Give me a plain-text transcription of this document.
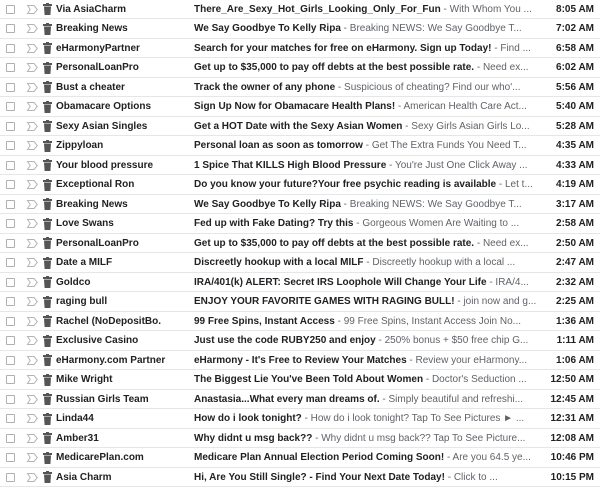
Via AsiaCharm	There_Are_Sexy_Hot_Girls_Looking_Only_For_Fun - With Whom You ...	8:05 AM
Breaking News	We Say Goodbye To Kelly Ripa - Breaking NEWS: We Say Goodbye T...	7:02 AM
eHarmonyPartner	Search for your matches for free on eHarmony. Sign up Today! - Find ...	6:58 AM
PersonalLoanPro	Get up to $35,000 to pay off debts at the best possible rate. - Need ex...	6:02 AM
Bust a cheater	Track the owner of any phone - Suspicious of cheating? Find our who'...	5:56 AM
Obamacare Options	Sign Up Now for Obamacare Health Plans! - American Health Care Act...	5:40 AM
Sexy Asian Singles	Get a HOT Date with the Sexy Asian Women - Sexy Girls Asian Girls Lo...	5:28 AM
Zippyloan	Personal loan as soon as tomorrow - Get The Extra Funds You Need T...	4:35 AM
Your blood pressure	1 Spice That KILLS High Blood Pressure - You're Just One Click Away ...	4:33 AM
Exceptional Ron	Do you know your future?Your free psychic reading is available - Let t...	4:19 AM
Breaking News	We Say Goodbye To Kelly Ripa - Breaking NEWS: We Say Goodbye T...	3:17 AM
Love Swans	Fed up with Fake Dating? Try this - Gorgeous Women Are Waiting to ...	2:58 AM
PersonalLoanPro	Get up to $35,000 to pay off debts at the best possible rate. - Need ex...	2:50 AM
Date a MILF	Discreetly hookup with a local MILF - Discreetly hookup with a local ...	2:47 AM
Goldco	IRA/401(k) ALERT: Secret IRS Loophole Will Change Your Life - IRA/4...	2:32 AM
raging bull	ENJOY YOUR FAVORITE GAMES WITH RAGING BULL! - join now and g...	2:25 AM
Rachel (NoDepositBo.	99 Free Spins, Instant Access - 99 Free Spins, Instant Access Join No...	1:36 AM
Exclusive Casino	Just use the code RUBY250 and enjoy - 250% bonus + $50 free chip G...	1:11 AM
eHarmony.com Partner	eHarmony - It's Free to Review Your Matches - Review your eHarmony...	1:06 AM
Mike Wright	The Biggest Lie You've Been Told About Women - Doctor's Seduction ...	12:50 AM
Russian Girls Team	Anastasia...What every man dreams of. - Simply beautiful and refreshi...	12:45 AM
Linda44	How do i look tonight? - How do i look tonight? Tap To See Pictures ► ...	12:31 AM
Amber31	Why didnt u msg back?? - Why didnt u msg back?? Tap To See Picture...	12:08 AM
MedicarePlan.com	Medicare Plan Annual Election Period Coming Soon! - Are you 64.5 ye...	10:46 PM
Asia Charm	Hi, Are You Still Single? - Find Your Next Date Today! - Click to ...	10:15 PM
